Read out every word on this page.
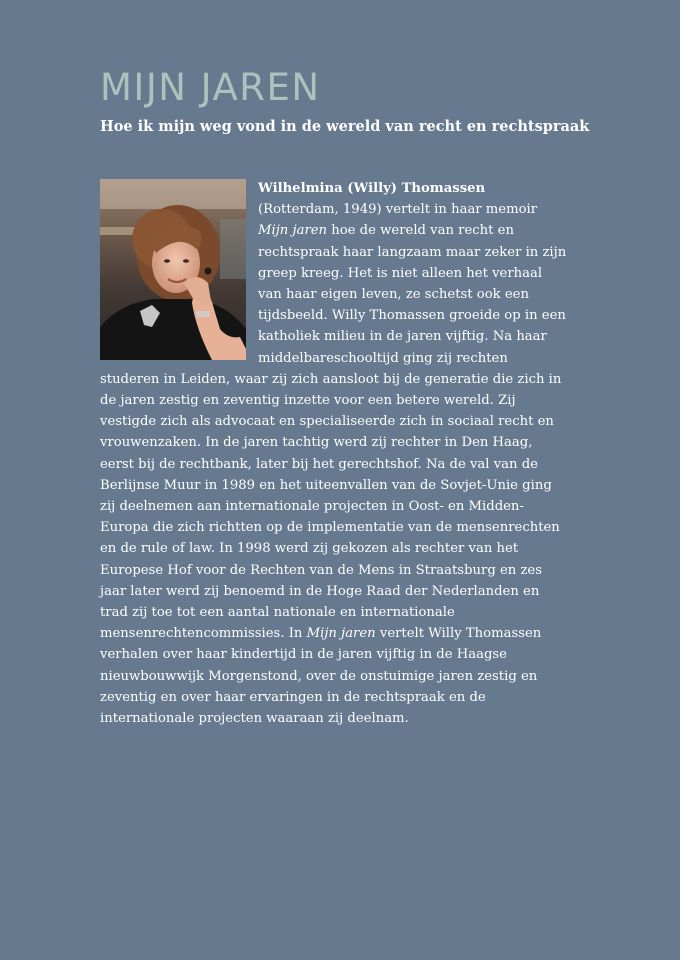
MIJN JAREN
Hoe ik mijn weg vond in de wereld van recht en rechtspraak
Wilhelmina (Willy) Thomassen (Rotterdam, 1949) vertelt in haar memoir Mijn jaren hoe de wereld van recht en rechtspraak haar langzaam maar zeker in zijn greep kreeg. Het is niet alleen het verhaal van haar eigen leven, ze schetst ook een tijdsbeeld. Willy Thomassen groeide op in een katholiek milieu in de jaren vijftig. Na haar middelbareschooltijd ging zij rechten studeren in Leiden, waar zij zich aansloot bij de generatie die zich in de jaren zestig en zeventig inzette voor een betere wereld. Zij vestigde zich als advocaat en specialiseerde zich in sociaal recht en vrouwenzaken. In de jaren tachtig werd zij rechter in Den Haag, eerst bij de rechtbank, later bij het gerechtshof. Na de val van de Berlijnse Muur in 1989 en het uiteenvallen van de Sovjet-Unie ging zij deelnemen aan internationale projecten in Oost- en Midden-Europa die zich richtten op de implementatie van de mensenrechten en de rule of law. In 1998 werd zij gekozen als rechter van het Europese Hof voor de Rechten van de Mens in Straatsburg en zes jaar later werd zij benoemd in de Hoge Raad der Nederlanden en trad zij toe tot een aantal nationale en internationale mensenrechtencommissies. In Mijn jaren vertelt Willy Thomassen verhalen over haar kindertijd in de jaren vijftig in de Haagse nieuwbouwwijk Morgenstond, over de onstuimige jaren zestig en zeventig en over haar ervaringen in de rechtspraak en de internationale projecten waaraan zij deelnam.
